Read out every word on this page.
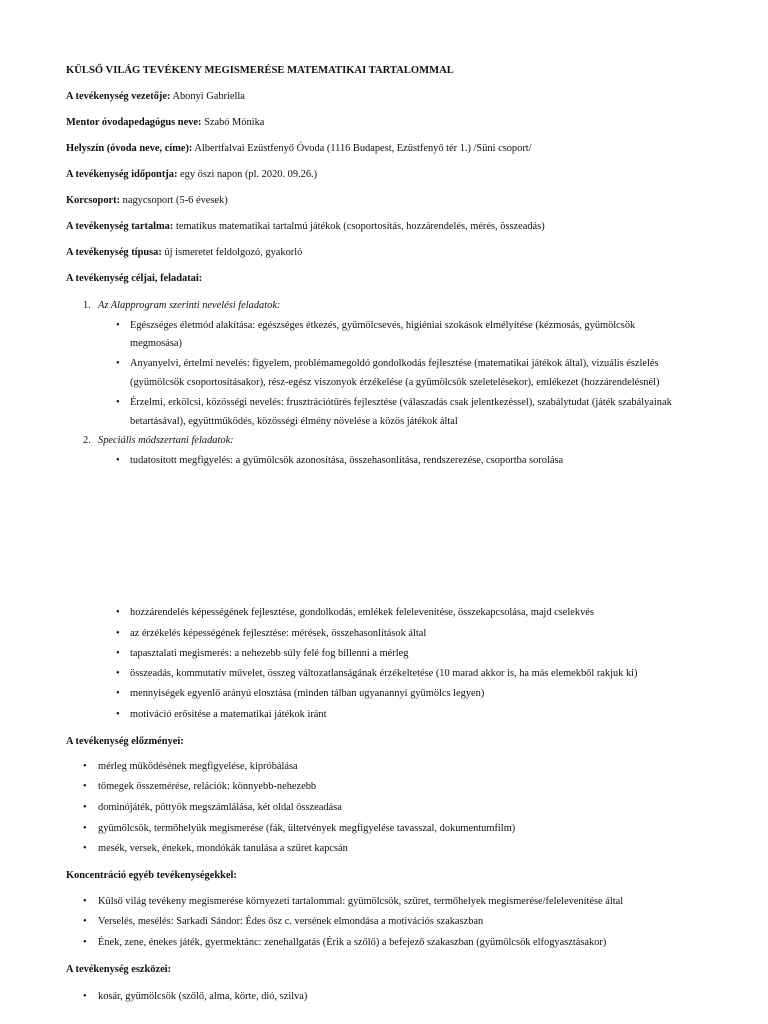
KÜLSŐ VILÁG TEVÉKENY MEGISMERÉSE MATEMATIKAI TARTALOMMAL
A tevékenység vezetője: Abonyi Gabriella
Mentor óvodapedagógus neve: Szabó Mónika
Helyszín (óvoda neve, címe): Albertfalvai Ezüstfenyő Óvoda (1116 Budapest, Ezüstfenyő tér 1.) /Süni csoport/
A tevékenység időpontja: egy őszi napon (pl. 2020. 09.26.)
Korcsoport: nagycsoport (5-6 évesek)
A tevékenység tartalma: tematikus matematikai tartalmú játékok (csoportosítás, hozzárendelés, mérés, összeadás)
A tevékenység típusa: új ismeretet feldolgozó, gyakorló
A tevékenység céljai, feladatai:
1. Az Alapprogram szerinti nevelési feladatok:
• Egészséges életmód alakítása: egészséges étkezés, gyümölcsevés, higiéniai szokások elmélyítése (kézmosás, gyümölcsök
megmosása)
• Anyanyelvi, értelmi nevelés: figyelem, problémamegoldó gondolkodás fejlesztése (matematikai játékok által), vizuális észlelés
(gyümölcsök csoportosításakor), rész-egész viszonyok érzékelése (a gyümölcsök szeletelésekor), emlékezet (hozzárendelésnél)
• Érzelmi, erkölcsi, közösségi nevelés: frusztrációtűrés fejlesztése (válaszadás csak jelentkezéssel), szabálytudat (játék szabályainak
betartásával), együttműködés, közösségi élmény növelése a közös játékok által
2. Speciális módszertani feladatok:
• tudatosított megfigyelés: a gyümölcsök azonosítása, összehasonlítása, rendszerezése, csoportba sorolása
• hozzárendelés képességének fejlesztése, gondolkodás, emlékek felelevenítése, összekapcsolása, majd cselekvés
• az érzékelés képességének fejlesztése: mérések, összehasonlítások által
• tapasztalati megismerés: a nehezebb súly felé fog billenni a mérleg
• összeadás, kommutatív művelet, összeg változatlanságának érzékeltetése (10 marad akkor is, ha más elemekből rakjuk ki)
• mennyiségek egyenlő arányú elosztása (minden tálban ugyanannyi gyümölcs legyen)
• motiváció erősítése a matematikai játékok iránt
A tevékenység előzményei:
• mérleg működésének megfigyelése, kipróbálása
• tömegek összemérése, relációk: könnyebb-nehezebb
• dominójáték, pöttyök megszámlálása, két oldal összeadása
• gyümölcsök, termőhelyük megismerése (fák, ültetvények megfigyelése tavasszal, dokumentumfilm)
• mesék, versek, énekek, mondókák tanulása a szüret kapcsán
Koncentráció egyéb tevékenységekkel:
• Külső világ tevékeny megismerése környezeti tartalommal: gyümölcsök, szüret, termőhelyek megismerése/felelevenítése által
• Verselés, mesélés: Sarkadi Sándor: Édes ősz c. versének elmondása a motivációs szakaszban
• Ének, zene, énekes játék, gyermektánc: zenehallgatás (Érik a szőlő) a befejező szakaszban (gyümölcsök elfogyasztásakor)
A tevékenység eszközei:
• kosár, gyümölcsök (szőlő, alma, körte, dió, szilva)
